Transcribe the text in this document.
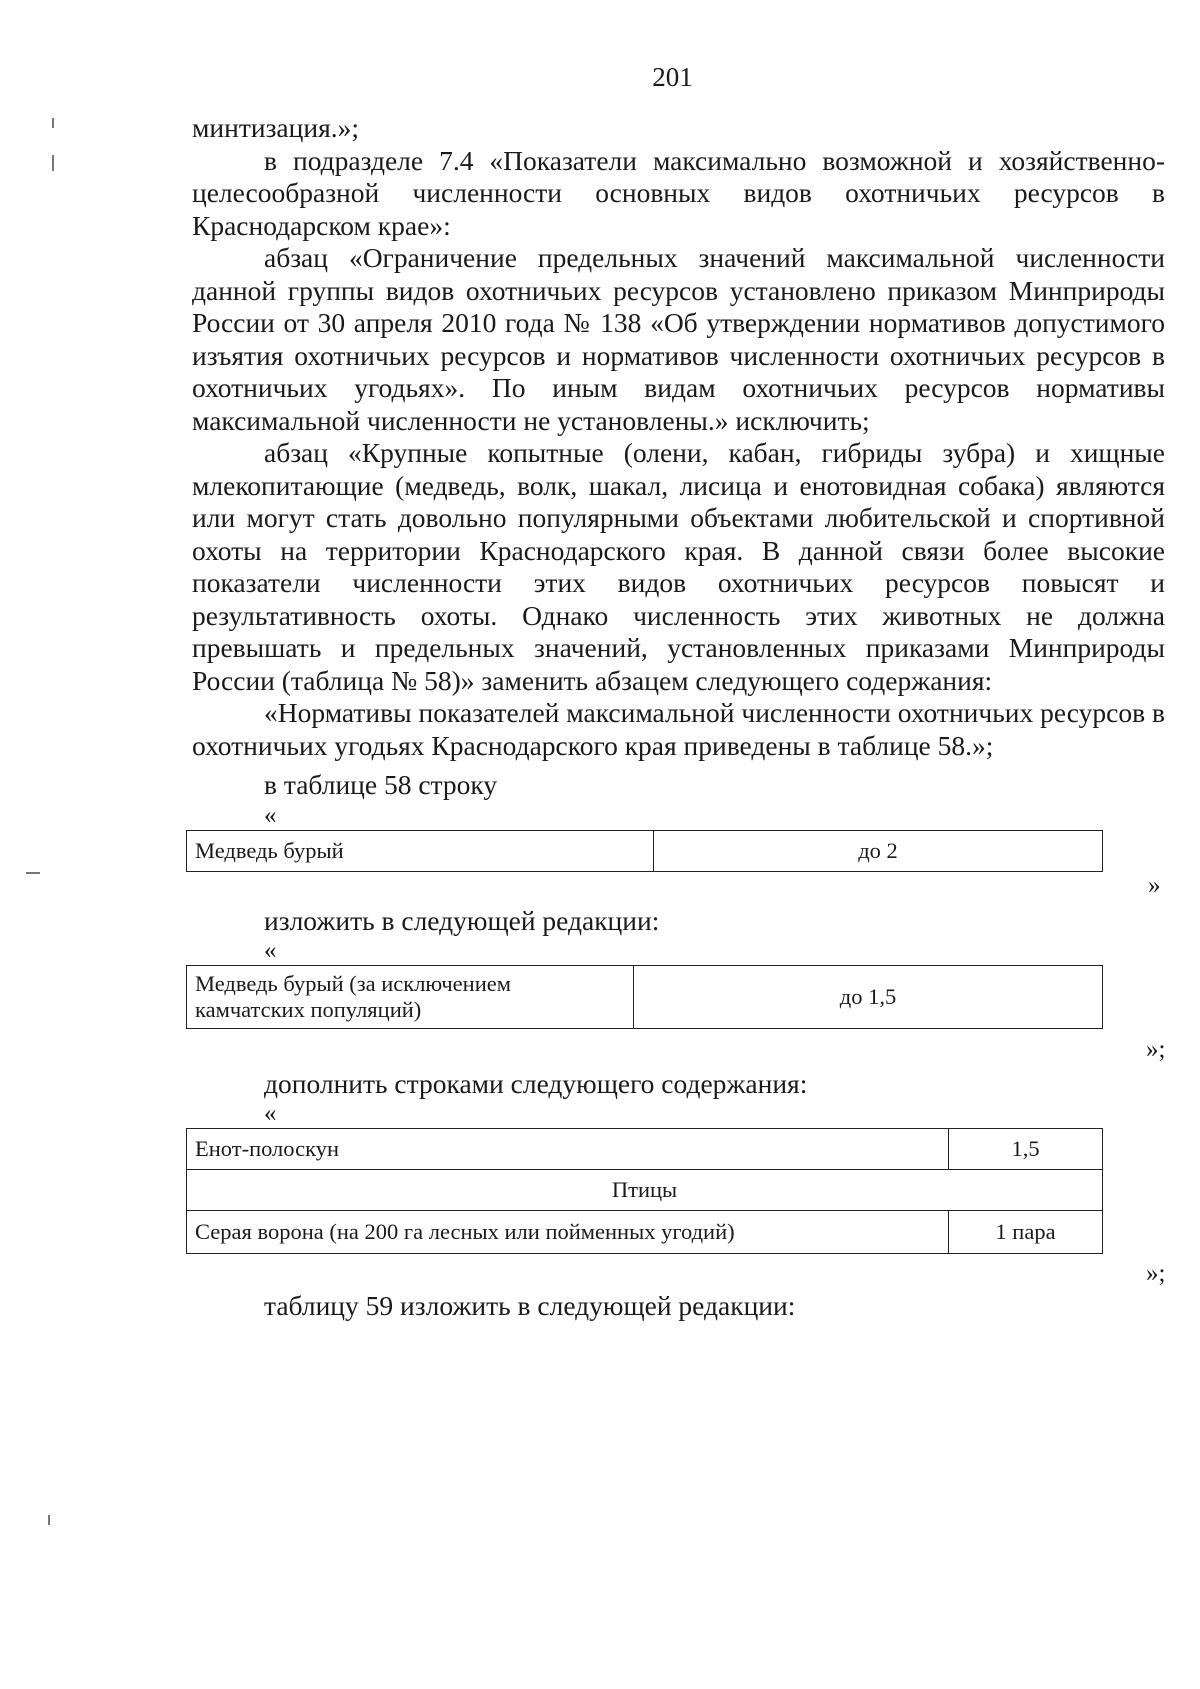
201

минтизация.»;

в подразделе 7.4 «Показатели максимально возможной и хозяйственно-целесообразной численности основных видов охотничьих ресурсов в Краснодарском крае»:

абзац «Ограничение предельных значений максимальной численности данной группы видов охотничьих ресурсов установлено приказом Минприроды России от 30 апреля 2010 года № 138 «Об утверждении нормативов допустимого изъятия охотничьих ресурсов и нормативов численности охотничьих ресурсов в охотничьих угодьях». По иным видам охотничьих ресурсов нормативы максимальной численности не установлены.» исключить;

абзац «Крупные копытные (олени, кабан, гибриды зубра) и хищные млекопитающие (медведь, волк, шакал, лисица и енотовидная собака) являются или могут стать довольно популярными объектами любительской и спортивной охоты на территории Краснодарского края. В данной связи более высокие показатели численности этих видов охотничьих ресурсов повысят и результативность охоты. Однако численность этих животных не должна превышать и предельных значений, установленных приказами Минприроды России (таблица № 58)» заменить абзацем следующего содержания:

«Нормативы показателей максимальной численности охотничьих ресурсов в охотничьих угодьях Краснодарского края приведены в таблице 58.»;

в таблице 58 строку
«
Медведь бурый	до 2
»
изложить в следующей редакции:
«
Медведь бурый (за исключением камчатских популяций)	до 1,5
»;
дополнить строками следующего содержания:
«
Енот-полоскун	1,5
Птицы	
Серая ворона (на 200 га лесных или пойменных угодий)	1 пара
»;
таблицу 59 изложить в следующей редакции:
